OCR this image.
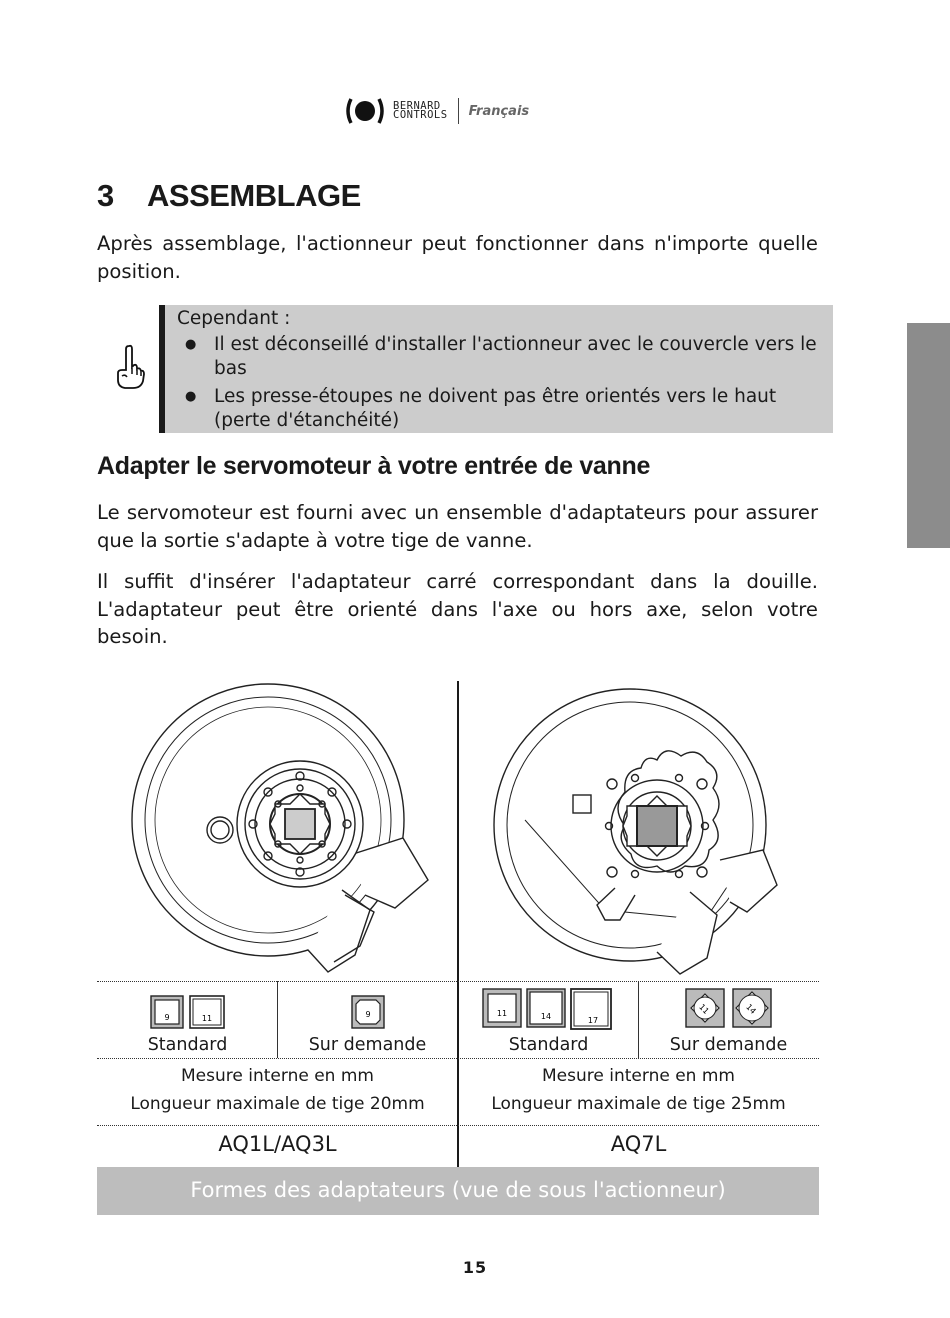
BERNARD
CONTROLS Français
3 ASSEMBLAGE
Après assemblage, l'actionneur peut fonctionner dans n'importe quelle position.
Cependant :
● Il est déconseillé d'installer l'actionneur avec le couvercle vers le bas
● Les presse-étoupes ne doivent pas être orientés vers le haut (perte d'étanchéité)
Adapter le servomoteur à votre entrée de vanne
Le servomoteur est fourni avec un ensemble d'adaptateurs pour assurer que la sortie s'adapte à votre tige de vanne.
Il suffit d'insérer l'adaptateur carré correspondant dans la douille. L'adaptateur peut être orienté dans l'axe ou hors axe, selon votre besoin.
9	11	9	11	14	17
11	14
Standard	Sur demande	Standard	Sur demande
Mesure interne en mm
Longueur maximale de tige 20mm
Mesure interne en mm
Longueur maximale de tige 25mm
AQ1L/AQ3L	AQ7L
Formes des adaptateurs (vue de sous l'actionneur)
15
